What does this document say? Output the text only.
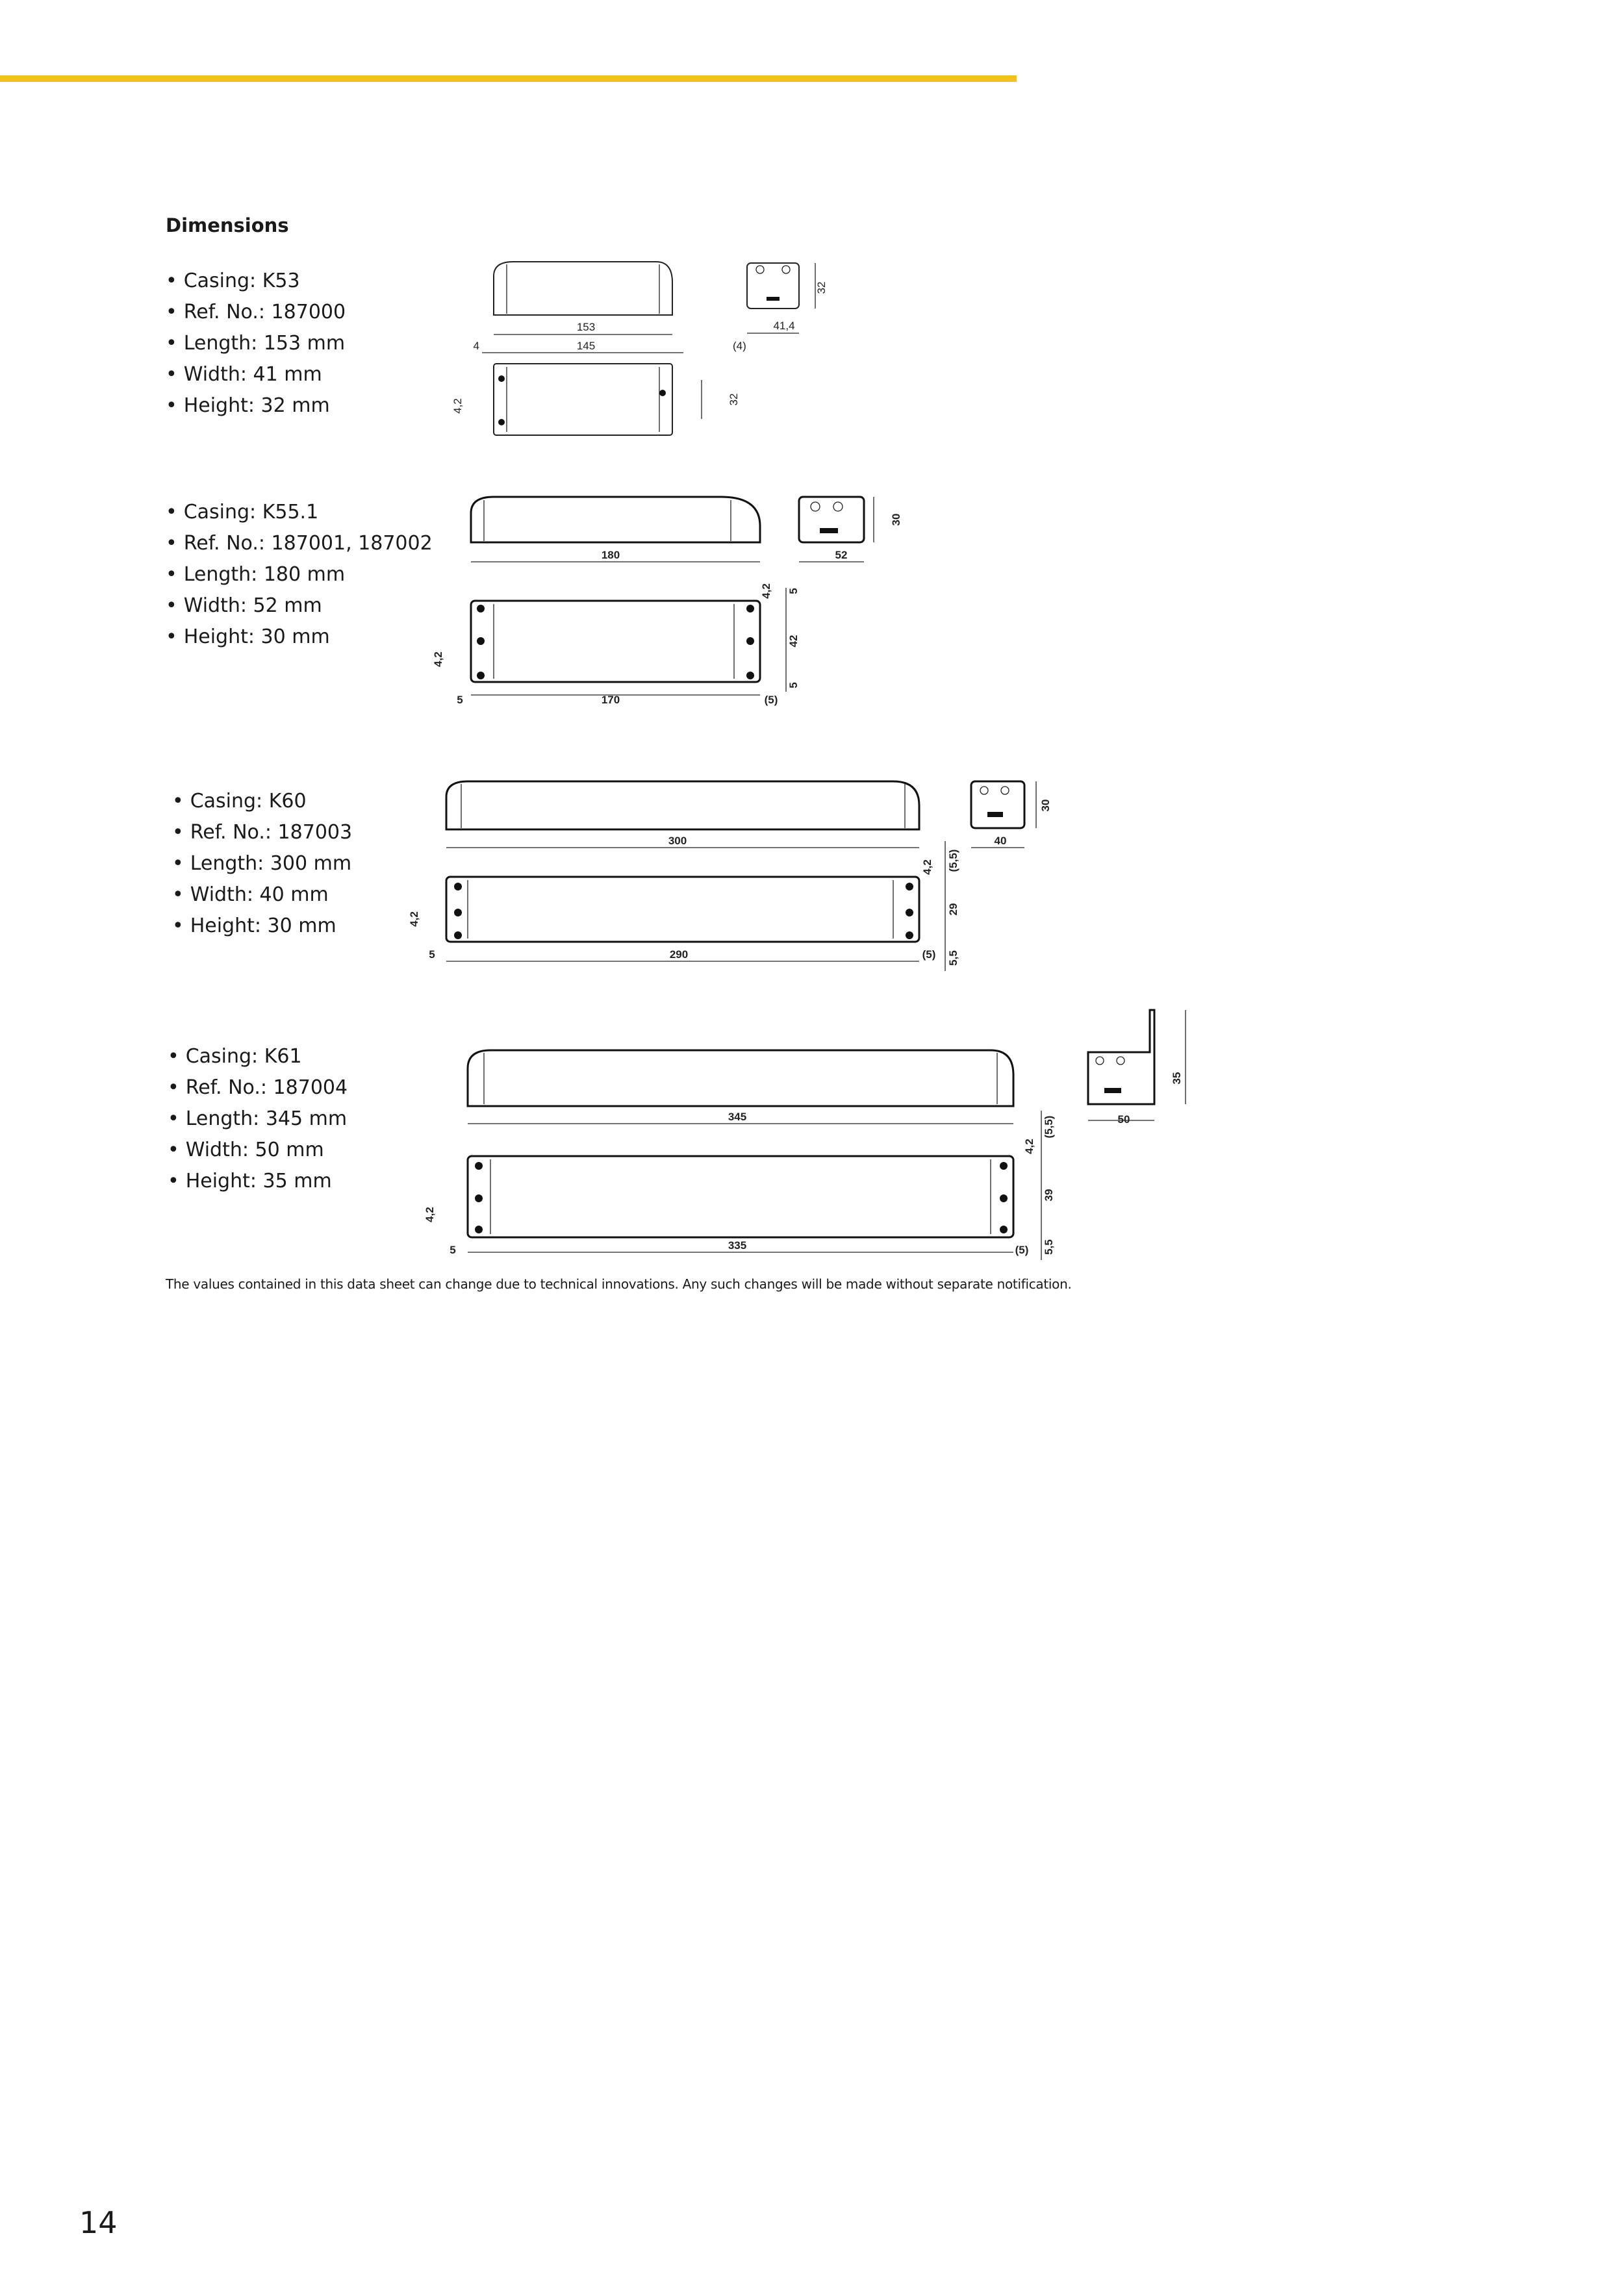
Dimensions
• Casing: K53
• Ref. No.: 187000
• Length: 153 mm
• Width: 41 mm
• Height: 32 mm
153
145
4	(4)
41,4
32
32
4,2
• Casing: K55.1
• Ref. No.: 187001, 187002
• Length: 180 mm
• Width: 52 mm
• Height: 30 mm
180	52
30
5	170	(5)
4,2
4,2 5
42
5
• Casing: K60
• Ref. No.: 187003
• Length: 300 mm
• Width: 40 mm
• Height: 30 mm
300	40
30
5	290	(5)
4,2
4,2 (5,5)
29
5,5
• Casing: K61
• Ref. No.: 187004
• Length: 345 mm
• Width: 50 mm
• Height: 35 mm
345	50
35
5	335	(5)
4,2
4,2
(5,5)
39
5,5

The values contained in this data sheet can change due to technical innovations. Any such changes will be made without separate notification.

14
